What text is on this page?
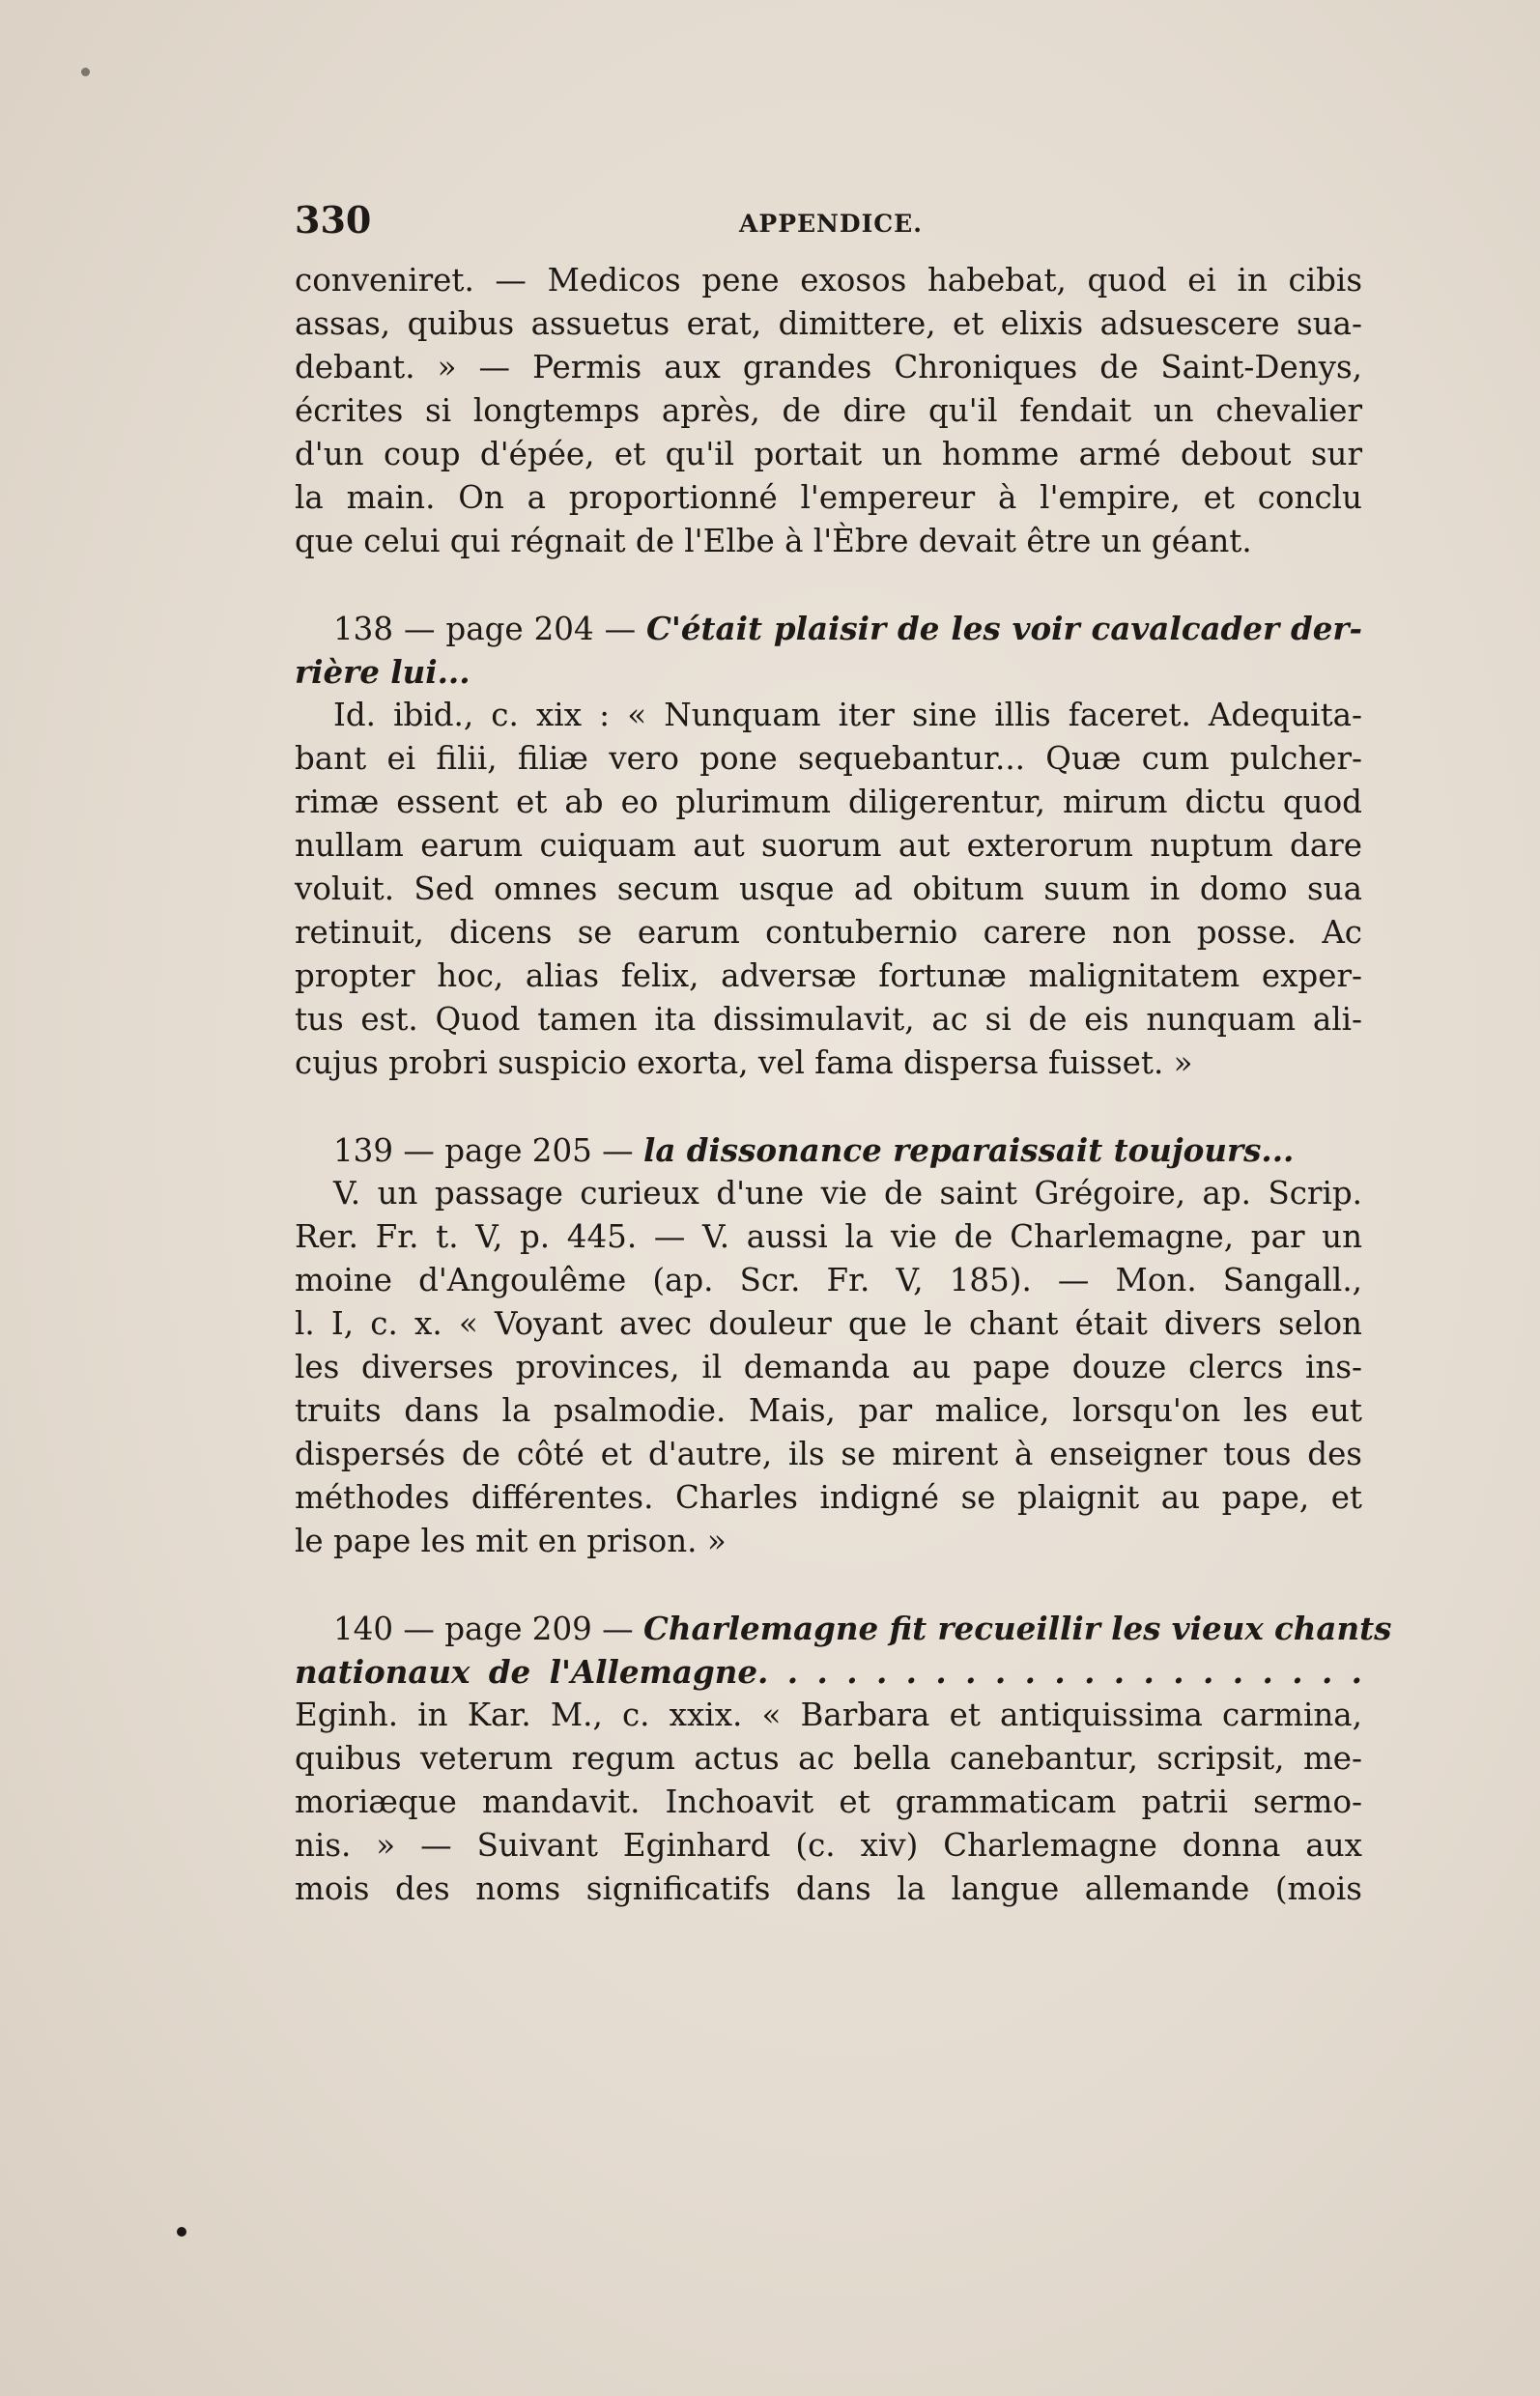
330	APPENDICE.
conveniret. — Medicos pene exosos habebat, quod ei in cibis
assas, quibus assuetus erat, dimittere, et elixis adsuescere sua-
debant. » — Permis aux grandes Chroniques de Saint-Denys,
écrites si longtemps après, de dire qu'il fendait un chevalier
d'un coup d'épée, et qu'il portait un homme armé debout sur
la main. On a proportionné l'empereur à l'empire, et conclu
que celui qui régnait de l'Elbe à l'Èbre devait être un géant.
138 — page 204 — C'était plaisir de les voir cavalcader der-
rière lui...
Id. ibid., c. xix : « Nunquam iter sine illis faceret. Adequita-
bant ei filii, filiæ vero pone sequebantur... Quæ cum pulcher-
rimæ essent et ab eo plurimum diligerentur, mirum dictu quod
nullam earum cuiquam aut suorum aut exterorum nuptum dare
voluit. Sed omnes secum usque ad obitum suum in domo sua
retinuit, dicens se earum contubernio carere non posse. Ac
propter hoc, alias felix, adversæ fortunæ malignitatem exper-
tus est. Quod tamen ita dissimulavit, ac si de eis nunquam ali-
cujus probri suspicio exorta, vel fama dispersa fuisset. »
139 — page 205 — la dissonance reparaissait toujours...
V. un passage curieux d'une vie de saint Grégoire, ap. Scrip.
Rer. Fr. t. V, p. 445. — V. aussi la vie de Charlemagne, par un
moine d'Angoulême (ap. Scr. Fr. V, 185). — Mon. Sangall.,
l. I, c. x. « Voyant avec douleur que le chant était divers selon
les diverses provinces, il demanda au pape douze clercs ins-
truits dans la psalmodie. Mais, par malice, lorsqu'on les eut
dispersés de côté et d'autre, ils se mirent à enseigner tous des
méthodes différentes. Charles indigné se plaignit au pape, et
le pape les mit en prison. »
140 — page 209 — Charlemagne fit recueillir les vieux chants
nationaux de l'Allemagne. . . . . . . . . . . . . . . . . . . . .
Eginh. in Kar. M., c. xxix. « Barbara et antiquissima carmina,
quibus veterum regum actus ac bella canebantur, scripsit, me-
moriæque mandavit. Inchoavit et grammaticam patrii sermo-
nis. » — Suivant Eginhard (c. xiv) Charlemagne donna aux
mois des noms significatifs dans la langue allemande (mois
